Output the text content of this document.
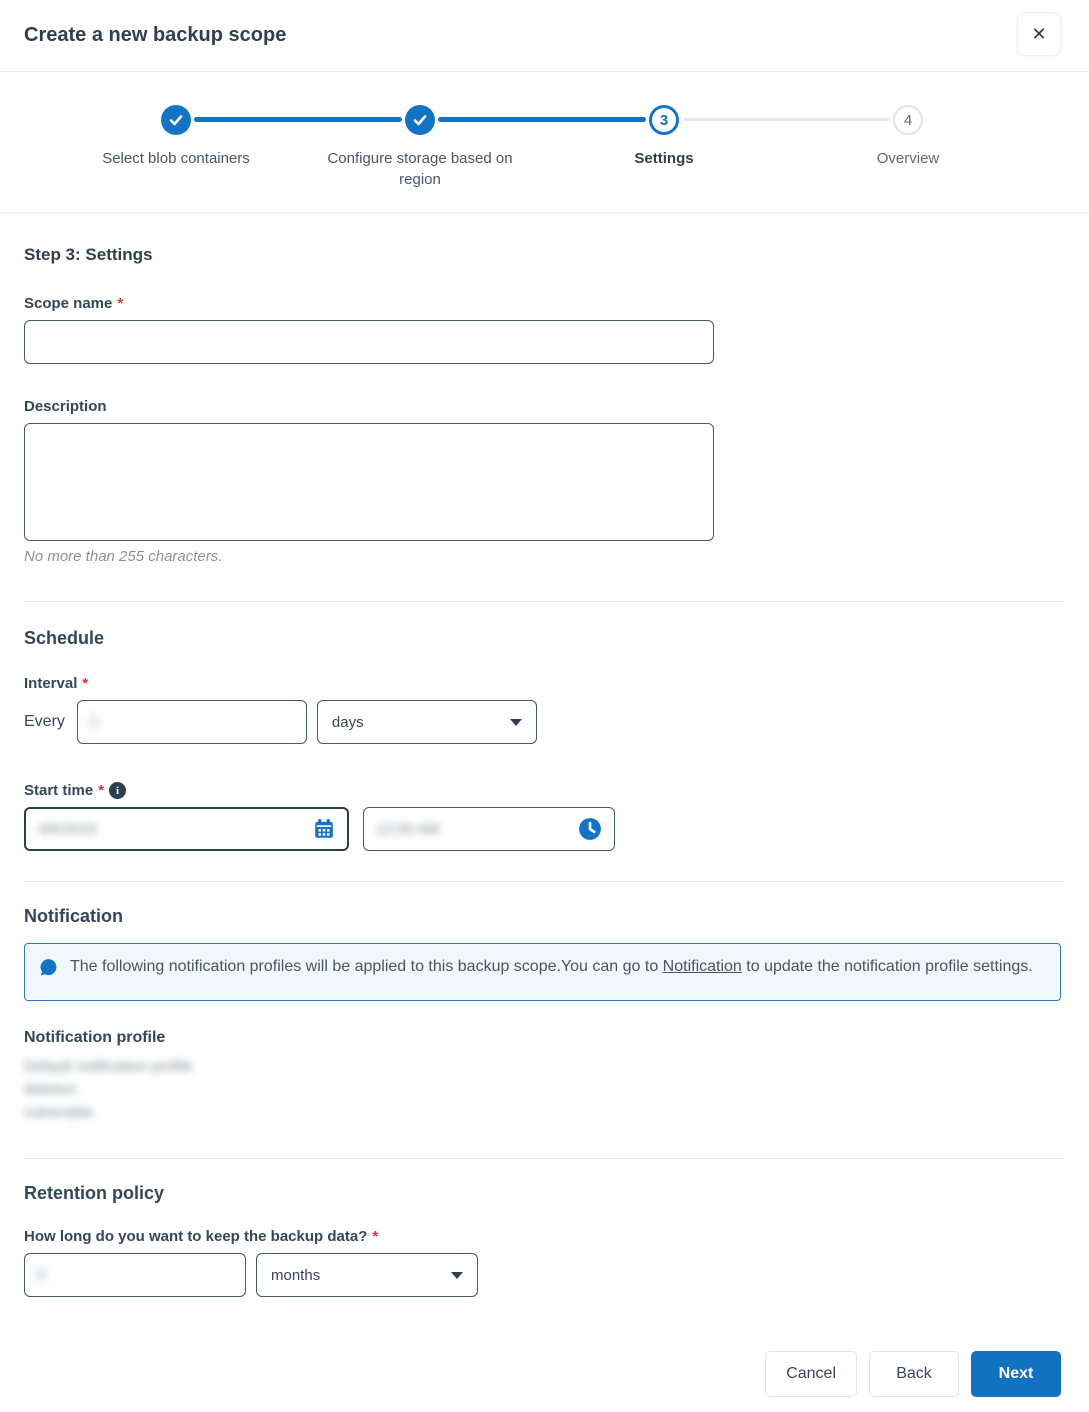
Create a new backup scope	✕
Select blob containers	Configure storage based on region
3
Settings
4
Overview
Step 3: Settings
Scope name *
Description
No more than 255 characters.
Schedule
Interval *
Every 5	days
Start time *	i
4/6/2023	12:00 AM
Notification
The following notification profiles will be applied to this backup scope.You can go to Notification to update the notification profile settings.
Notification profile
Default notification profile
deletion
vulnerable
Retention policy
How long do you want to keep the backup data? *
6	months
Cancel	Back	Next
